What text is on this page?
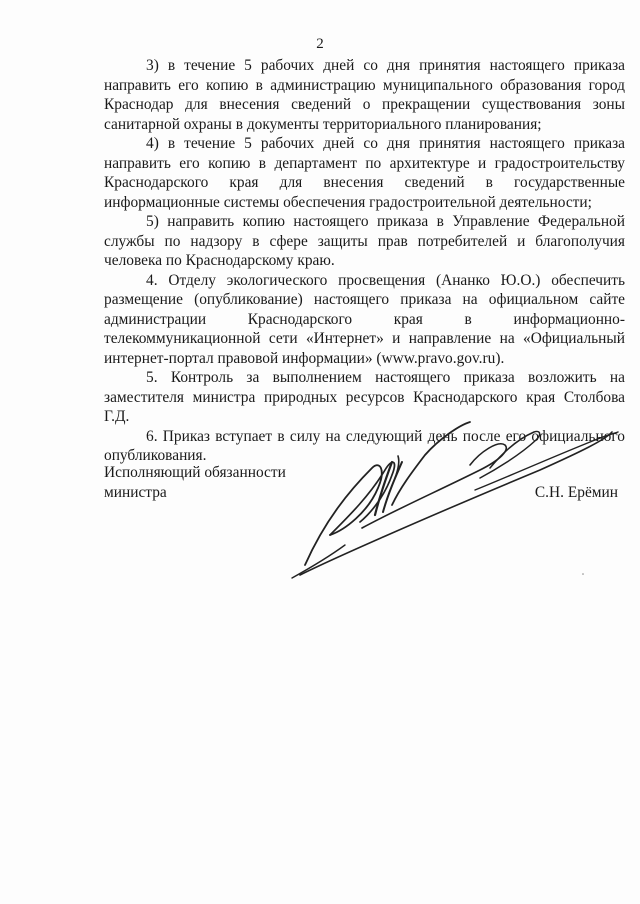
2

3) в течение 5 рабочих дней со дня принятия настоящего приказа направить его копию в администрацию муниципального образования город Краснодар для внесения сведений о прекращении существования зоны санитарной охраны в документы территориального планирования;

4) в течение 5 рабочих дней со дня принятия настоящего приказа направить его копию в департамент по архитектуре и градостроительству Краснодарского края для внесения сведений в государственные информационные системы обеспечения градостроительной деятельности;

5) направить копию настоящего приказа в Управление Федеральной службы по надзору в сфере защиты прав потребителей и благополучия человека по Краснодарскому краю.

4. Отделу экологического просвещения (Ананко Ю.О.) обеспечить размещение (опубликование) настоящего приказа на официальном сайте администрации Краснодарского края в информационно-телекоммуникационной сети «Интернет» и направление на «Официальный интернет-портал правовой информации» (www.pravo.gov.ru).

5. Контроль за выполнением настоящего приказа возложить на заместителя министра природных ресурсов Краснодарского края Столбова Г.Д.

6. Приказ вступает в силу на следующий день после его официального опубликования.

Исполняющий обязанности
министра	С.Н. Ерёмин
